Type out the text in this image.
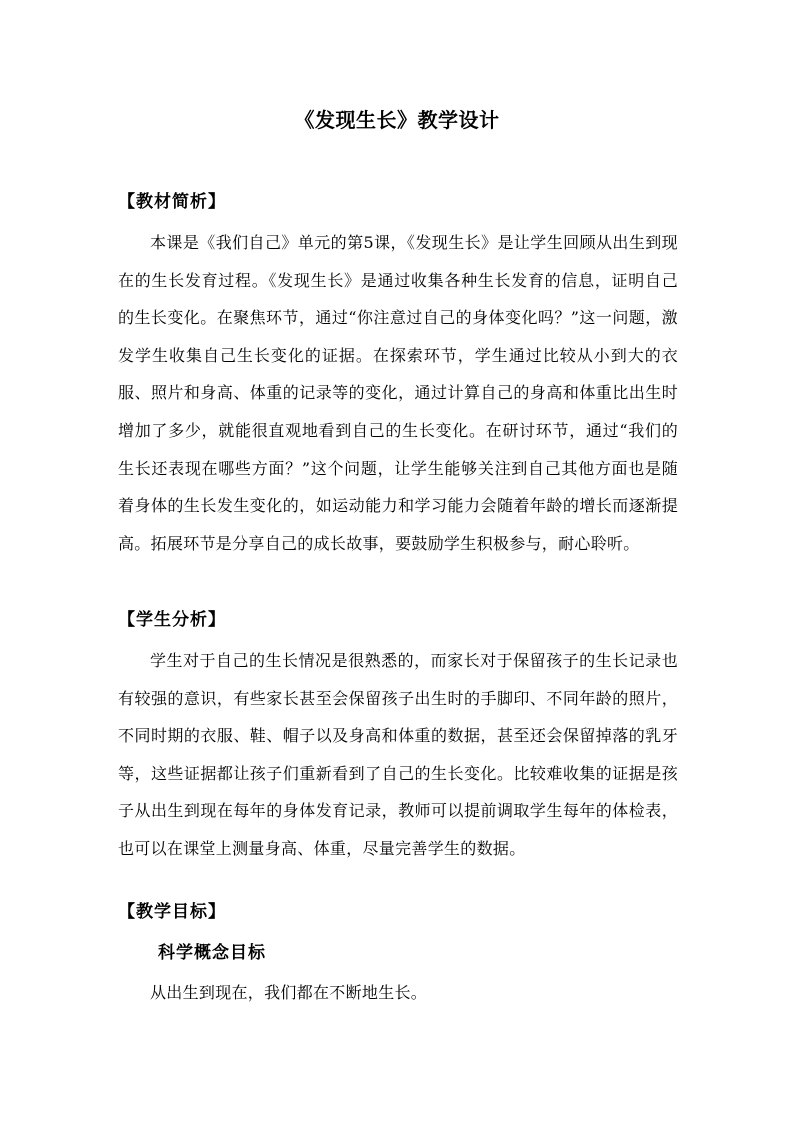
《发现生长》教学设计
【教材简析】
本课是《我们自己》单元的第5课，《发现生长》是让学生回顾从出生到现在的生长发育过程。《发现生长》是通过收集各种生长发育的信息，证明自己的生长变化。在聚焦环节，通过“你注意过自己的身体变化吗？”这一问题，激发学生收集自己生长变化的证据。在探索环节，学生通过比较从小到大的衣服、照片和身高、体重的记录等的变化，通过计算自己的身高和体重比出生时增加了多少，就能很直观地看到自己的生长变化。在研讨环节，通过“我们的生长还表现在哪些方面？”这个问题，让学生能够关注到自己其他方面也是随着身体的生长发生变化的，如运动能力和学习能力会随着年龄的增长而逐渐提高。拓展环节是分享自己的成长故事，要鼓励学生积极参与，耐心聆听。
【学生分析】
学生对于自己的生长情况是很熟悉的，而家长对于保留孩子的生长记录也有较强的意识，有些家长甚至会保留孩子出生时的手脚印、不同年龄的照片，不同时期的衣服、鞋、帽子以及身高和体重的数据，甚至还会保留掉落的乳牙等，这些证据都让孩子们重新看到了自己的生长变化。比较难收集的证据是孩子从出生到现在每年的身体发育记录，教师可以提前调取学生每年的体检表，也可以在课堂上测量身高、体重，尽量完善学生的数据。
【教学目标】
科学概念目标
从出生到现在，我们都在不断地生长。
